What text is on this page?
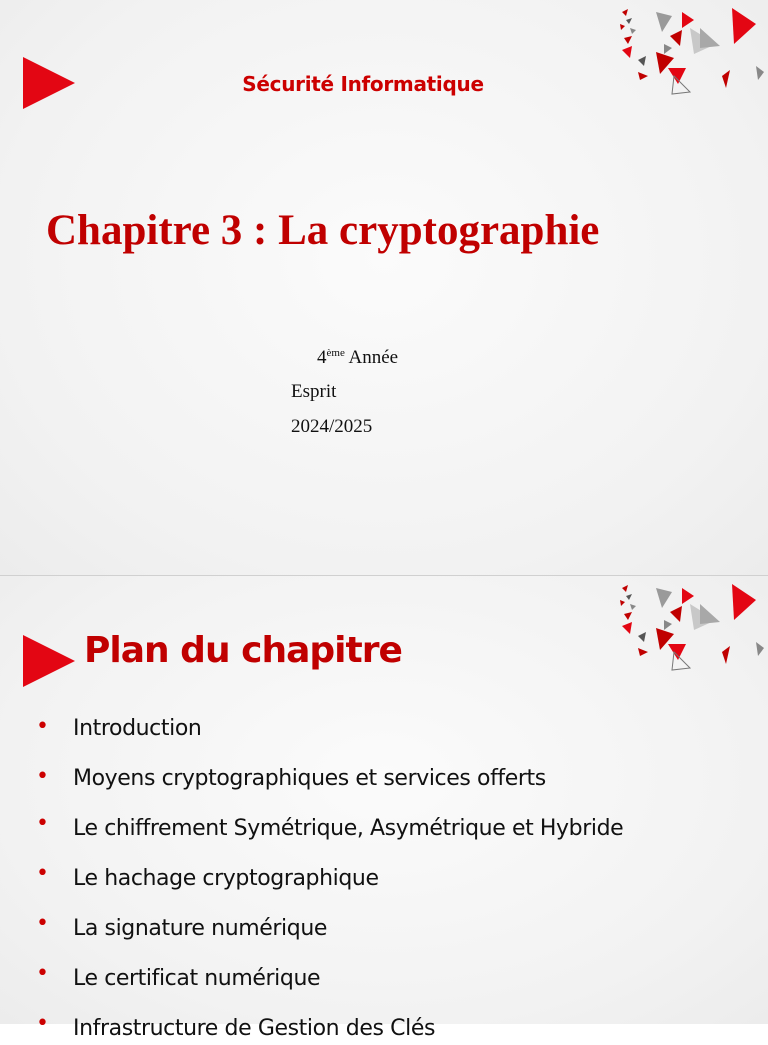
Sécurité Informatique
Chapitre 3 : La cryptographie
4ème Année
Esprit
2024/2025
Plan du chapitre
• Introduction
• Moyens cryptographiques et services offerts
• Le chiffrement Symétrique, Asymétrique et Hybride
• Le hachage cryptographique
• La signature numérique
• Le certificat numérique
• Infrastructure de Gestion des Clés
